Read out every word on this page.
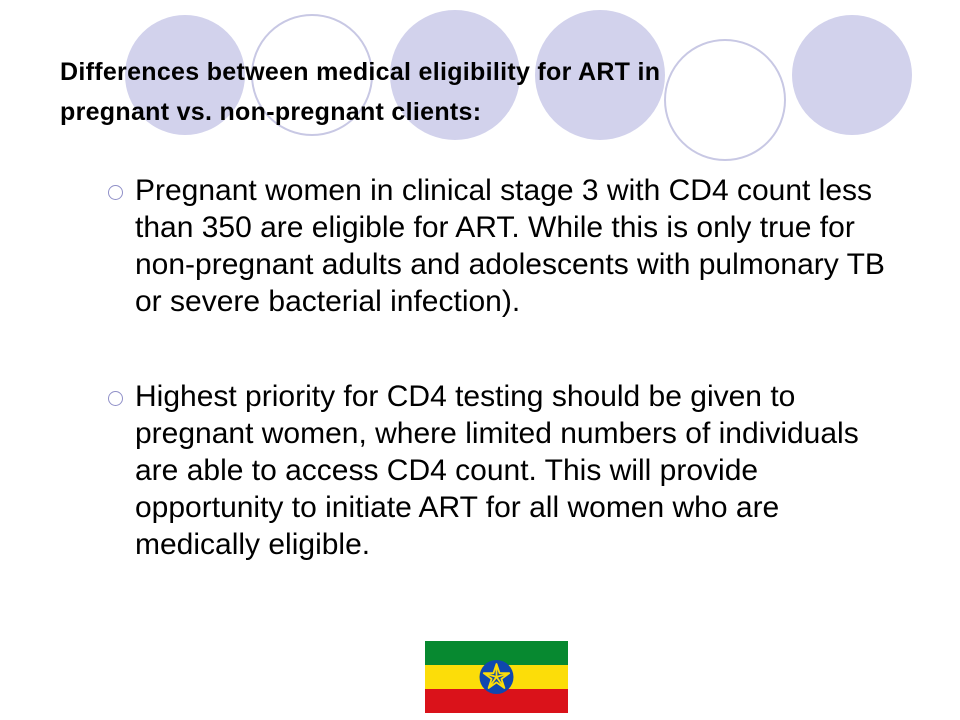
Differences between medical eligibility for ART in
pregnant vs. non-pregnant clients:
Pregnant women in clinical stage 3 with CD4 count less than 350 are eligible for ART. While this is only true for non-pregnant adults and adolescents with pulmonary TB or severe bacterial infection).
Highest priority for CD4 testing should be given to pregnant women, where limited numbers of individuals are able to access CD4 count. This will provide opportunity to initiate ART for all women who are medically eligible.
